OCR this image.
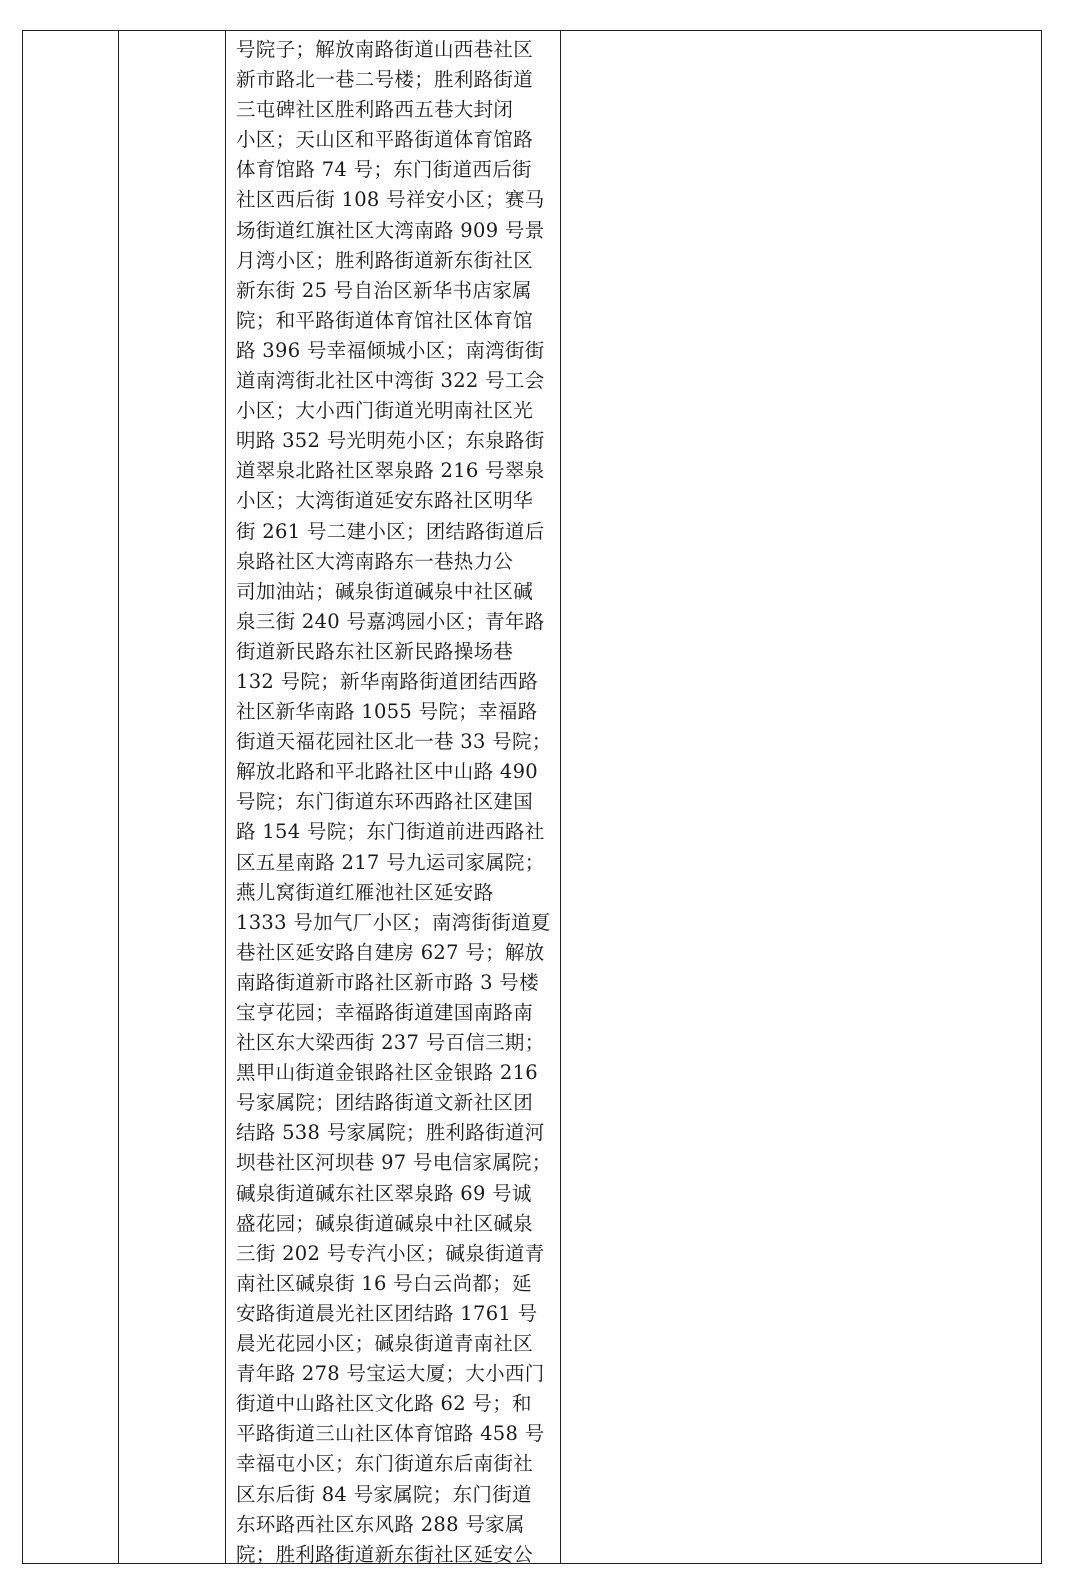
号院子；解放南路街道山西巷社区
新市路北一巷二号楼；胜利路街道
三屯碑社区胜利路西五巷大封闭
小区；天山区和平路街道体育馆路
体育馆路 74 号；东门街道西后街
社区西后街 108 号祥安小区；赛马
场街道红旗社区大湾南路 909 号景
月湾小区；胜利路街道新东街社区
新东街 25 号自治区新华书店家属
院；和平路街道体育馆社区体育馆
路 396 号幸福倾城小区；南湾街街
道南湾街北社区中湾街 322 号工会
小区；大小西门街道光明南社区光
明路 352 号光明苑小区；东泉路街
道翠泉北路社区翠泉路 216 号翠泉
小区；大湾街道延安东路社区明华
街 261 号二建小区；团结路街道后
泉路社区大湾南路东一巷热力公
司加油站；碱泉街道碱泉中社区碱
泉三街 240 号嘉鸿园小区；青年路
街道新民路东社区新民路操场巷
132 号院；新华南路街道团结西路
社区新华南路 1055 号院；幸福路
街道天福花园社区北一巷 33 号院；
解放北路和平北路社区中山路 490
号院；东门街道东环西路社区建国
路 154 号院；东门街道前进西路社
区五星南路 217 号九运司家属院；
燕儿窝街道红雁池社区延安路
1333 号加气厂小区；南湾街街道夏
巷社区延安路自建房 627 号；解放
南路街道新市路社区新市路 3 号楼
宝亨花园；幸福路街道建国南路南
社区东大梁西街 237 号百信三期；
黑甲山街道金银路社区金银路 216
号家属院；团结路街道文新社区团
结路 538 号家属院；胜利路街道河
坝巷社区河坝巷 97 号电信家属院；
碱泉街道碱东社区翠泉路 69 号诚
盛花园；碱泉街道碱泉中社区碱泉
三街 202 号专汽小区；碱泉街道青
南社区碱泉街 16 号白云尚都；延
安路街道晨光社区团结路 1761 号
晨光花园小区；碱泉街道青南社区
青年路 278 号宝运大厦；大小西门
街道中山路社区文化路 62 号；和
平路街道三山社区体育馆路 458 号
幸福屯小区；东门街道东后南街社
区东后街 84 号家属院；东门街道
东环路西社区东风路 288 号家属
院；胜利路街道新东街社区延安公
